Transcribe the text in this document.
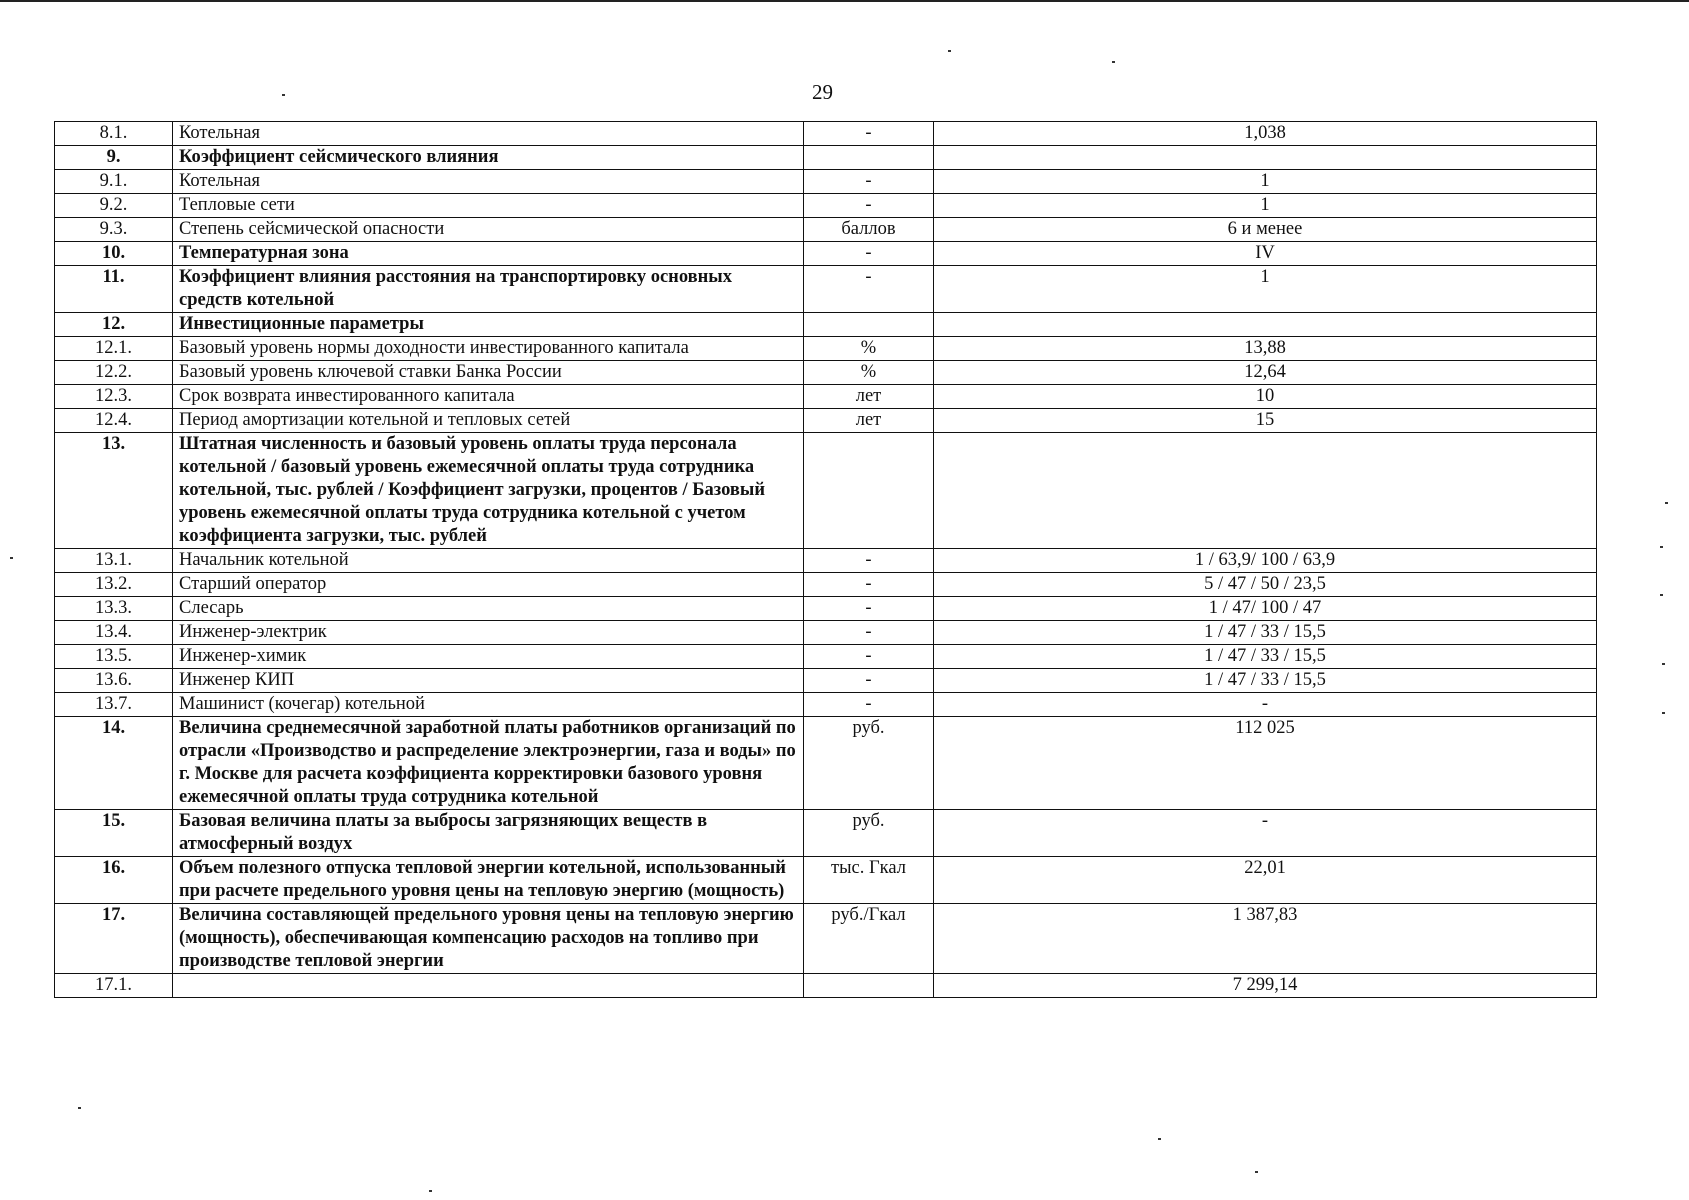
29
8.1.	Котельная	-	1,038
9.	Коэффициент сейсмического влияния		
9.1.	Котельная	-	1
9.2.	Тепловые сети	-	1
9.3.	Степень сейсмической опасности	баллов	6 и менее
10.	Температурная зона	-	IV
11.	Коэффициент влияния расстояния на транспортировку основных средств котельной	-	1
12.	Инвестиционные параметры		
12.1.	Базовый уровень нормы доходности инвестированного капитала	%	13,88
12.2.	Базовый уровень ключевой ставки Банка России	%	12,64
12.3.	Срок возврата инвестированного капитала	лет	10
12.4.	Период амортизации котельной и тепловых сетей	лет	15
13.	Штатная численность и базовый уровень оплаты труда персонала котельной / базовый уровень ежемесячной оплаты труда сотрудника котельной, тыс. рублей / Коэффициент загрузки, процентов / Базовый уровень ежемесячной оплаты труда сотрудника котельной с учетом коэффициента загрузки, тыс. рублей		
13.1.	Начальник котельной	-	1 / 63,9/ 100 / 63,9
13.2.	Старший оператор	-	5 / 47 / 50 / 23,5
13.3.	Слесарь	-	1 / 47/ 100 / 47
13.4.	Инженер-электрик	-	1 / 47 / 33 / 15,5
13.5.	Инженер-химик	-	1 / 47 / 33 / 15,5
13.6.	Инженер КИП	-	1 / 47 / 33 / 15,5
13.7.	Машинист (кочегар) котельной	-	-
14.	Величина среднемесячной заработной платы работников организаций по отрасли «Производство и распределение электроэнергии, газа и воды» по г. Москве для расчета коэффициента корректировки базового уровня ежемесячной оплаты труда сотрудника котельной	руб.	112 025
15.	Базовая величина платы за выбросы загрязняющих веществ в атмосферный воздух	руб.	-
16.	Объем полезного отпуска тепловой энергии котельной, использованный при расчете предельного уровня цены на тепловую энергию (мощность)	тыс. Гкал	22,01
17.	Величина составляющей предельного уровня цены на тепловую энергию (мощность), обеспечивающая компенсацию расходов на топливо при производстве тепловой энергии	руб./Гкал	1 387,83
17.1.			7 299,14
